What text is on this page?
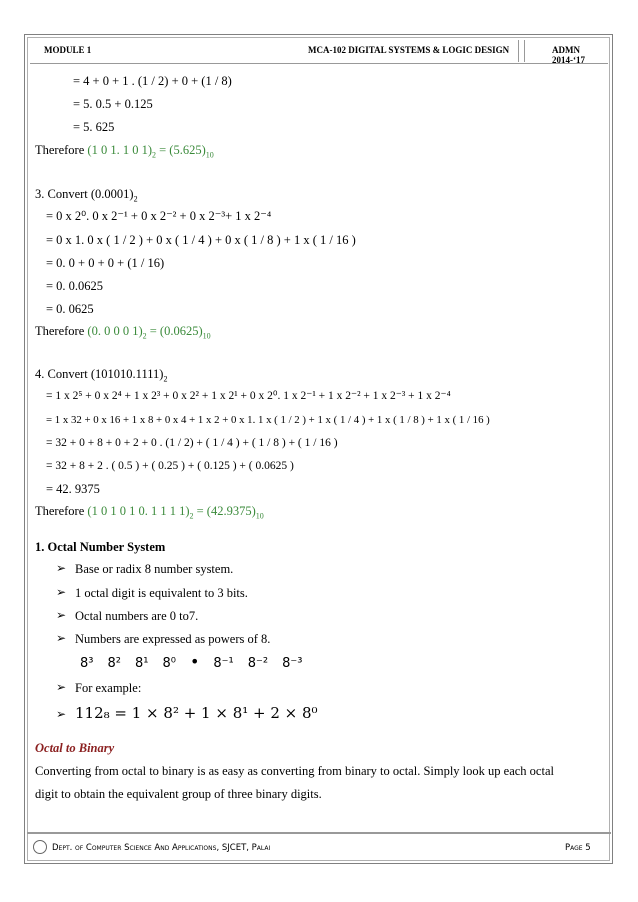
MODULE 1	MCA-102 DIGITAL SYSTEMS & LOGIC DESIGN	ADMN 2014-‘17
= 4 + 0 + 1 . (1 / 2) + 0 + (1 / 8)
= 5. 0.5 + 0.125
= 5. 625
Therefore (1 0 1. 1 0 $1)_2 = (5.625)_{10}$
3. Convert $(0.0001)_2$
= 0 x 2⁰. 0 x 2⁻¹ + 0 x 2⁻² + 0 x 2⁻³+ 1 x 2⁻⁴
= 0 x 1. 0 x ( 1 / 2 ) + 0 x ( 1 / 4 ) + 0 x ( 1 / 8 ) + 1 x ( 1 / 16 )
= 0. 0 + 0 + 0 + (1 / 16)
= 0. 0.0625
= 0. 0625
Therefore (0. 0 0 0 $1)_2 = (0.0625)_{10}$
4. Convert $(101010.1111)_2$
= 1 x 2⁵ + 0 x 2⁴ + 1 x 2³ + 0 x 2² + 1 x 2¹ + 0 x 2⁰. 1 x 2⁻¹ + 1 x 2⁻² + 1 x 2⁻³ + 1 x 2⁻⁴
= 1 x 32 + 0 x 16 + 1 x 8 + 0 x 4 + 1 x 2 + 0 x 1. 1 x ( 1 / 2 ) + 1 x ( 1 / 4 ) + 1 x ( 1 / 8 ) + 1 x ( 1 / 16 )
= 32 + 0 + 8 + 0 + 2 + 0 . (1 / 2) + ( 1 / 4 ) + ( 1 / 8 ) + ( 1 / 16 )
= 32 + 8 + 2 . ( 0.5 ) + ( 0.25 ) + ( 0.125 ) + ( 0.0625 )
= 42. 9375
Therefore (1 0 1 0 1 0. 1 1 1 $1)_2 = (42.9375)_{10}$
1. Octal Number System
➢ Base or radix 8 number system.
➢ 1 octal digit is equivalent to 3 bits.
➢ Octal numbers are 0 to7.
➢ Numbers are expressed as powers of 8.
8³ 8² 8¹ 8⁰ • 8⁻¹ 8⁻² 8⁻³
➢ For example:
➢ 112₈ = 1 × 8² + 1 × 8¹ + 2 × 8⁰
Octal to Binary
Converting from octal to binary is as easy as converting from binary to octal. Simply look up each octal
digit to obtain the equivalent group of three binary digits.
Dept. of Computer Science And Applications, SJCET, Palai	Page 5
